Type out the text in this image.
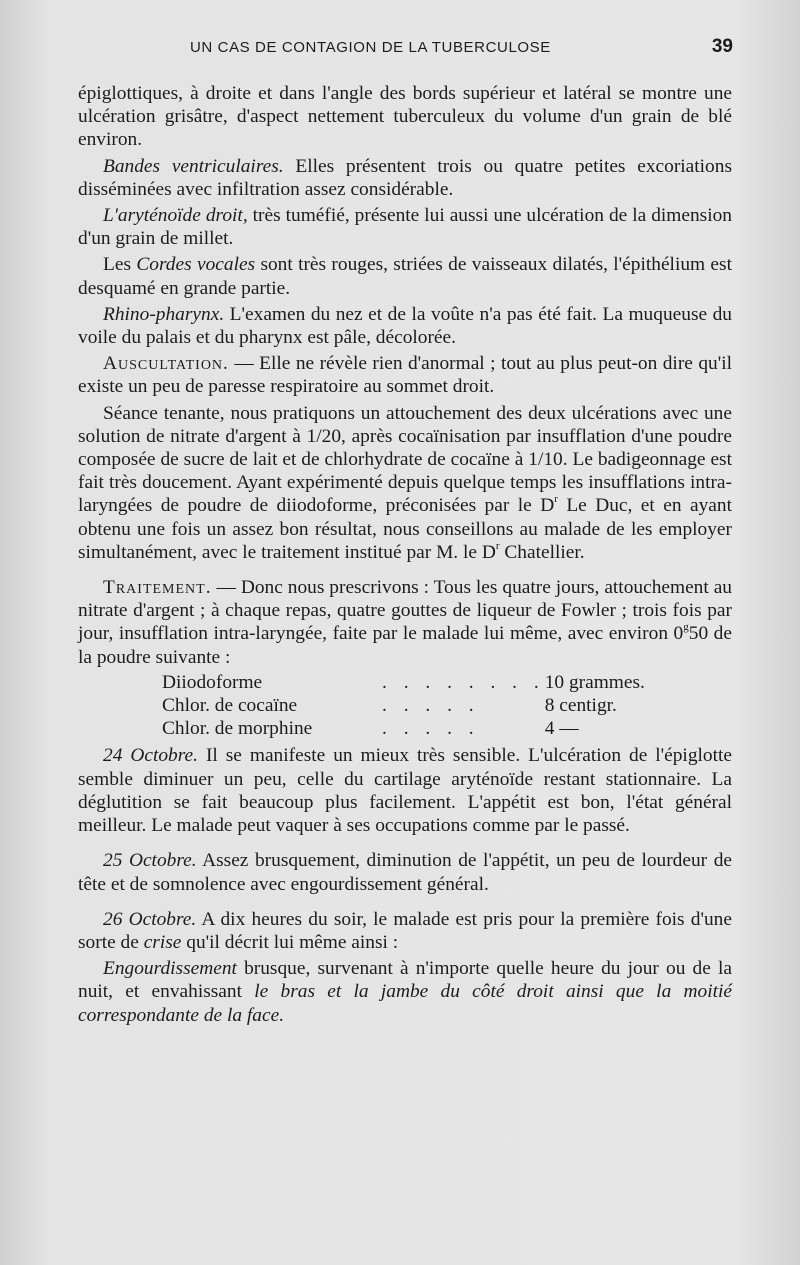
UN CAS DE CONTAGION DE LA TUBERCULOSE	39

épiglottiques, à droite et dans l'angle des bords supérieur et latéral se montre une ulcération grisâtre, d'aspect nettement tuberculeux du volume d'un grain de blé environ.

Bandes ventriculaires. Elles présentent trois ou quatre petites excoriations disséminées avec infiltration assez considérable.

L'aryténoïde droit, très tuméfié, présente lui aussi une ulcération de la dimension d'un grain de millet.

Les Cordes vocales sont très rouges, striées de vaisseaux dilatés, l'épithélium est desquamé en grande partie.

Rhino-pharynx. L'examen du nez et de la voûte n'a pas été fait. La muqueuse du voile du palais et du pharynx est pâle, décolorée.

Auscultation. — Elle ne révèle rien d'anormal ; tout au plus peut-on dire qu'il existe un peu de paresse respiratoire au sommet droit.

Séance tenante, nous pratiquons un attouchement des deux ulcérations avec une solution de nitrate d'argent à 1/20, après cocaïnisation par insufflation d'une poudre composée de sucre de lait et de chlorhydrate de cocaïne à 1/10. Le badigeonnage est fait très doucement. Ayant expérimenté depuis quelque temps les insufflations intra-laryngées de poudre de diiodoforme, préconisées par le $D^r$ Le Duc, et en ayant obtenu une fois un assez bon résultat, nous conseillons au malade de les employer simultanément, avec le traitement institué par M. le $D^r$ Chatellier.

Traitement. — Donc nous prescrivons : Tous les quatre jours, attouchement au nitrate d'argent ; à chaque repas, quatre gouttes de liqueur de Fowler ; trois fois par jour, insufflation intra-laryngée, faite par le malade lui même, avec environ 0$^g$50 de la poudre suivante :

Diiodoforme	. . . . . . . .	10 grammes.
Chlor. de cocaïne	. . . . .	8 centigr.
Chlor. de morphine	. . . . .	4 —

24 Octobre. Il se manifeste un mieux très sensible. L'ulcération de l'épiglotte semble diminuer un peu, celle du cartilage aryténoïde restant stationnaire. La déglutition se fait beaucoup plus facilement. L'appétit est bon, l'état général meilleur. Le malade peut vaquer à ses occupations comme par le passé.

25 Octobre. Assez brusquement, diminution de l'appétit, un peu de lourdeur de tête et de somnolence avec engourdissement général.

26 Octobre. A dix heures du soir, le malade est pris pour la première fois d'une sorte de crise qu'il décrit lui même ainsi :

Engourdissement brusque, survenant à n'importe quelle heure du jour ou de la nuit, et envahissant le bras et la jambe du côté droit ainsi que la moitié correspondante de la face.
